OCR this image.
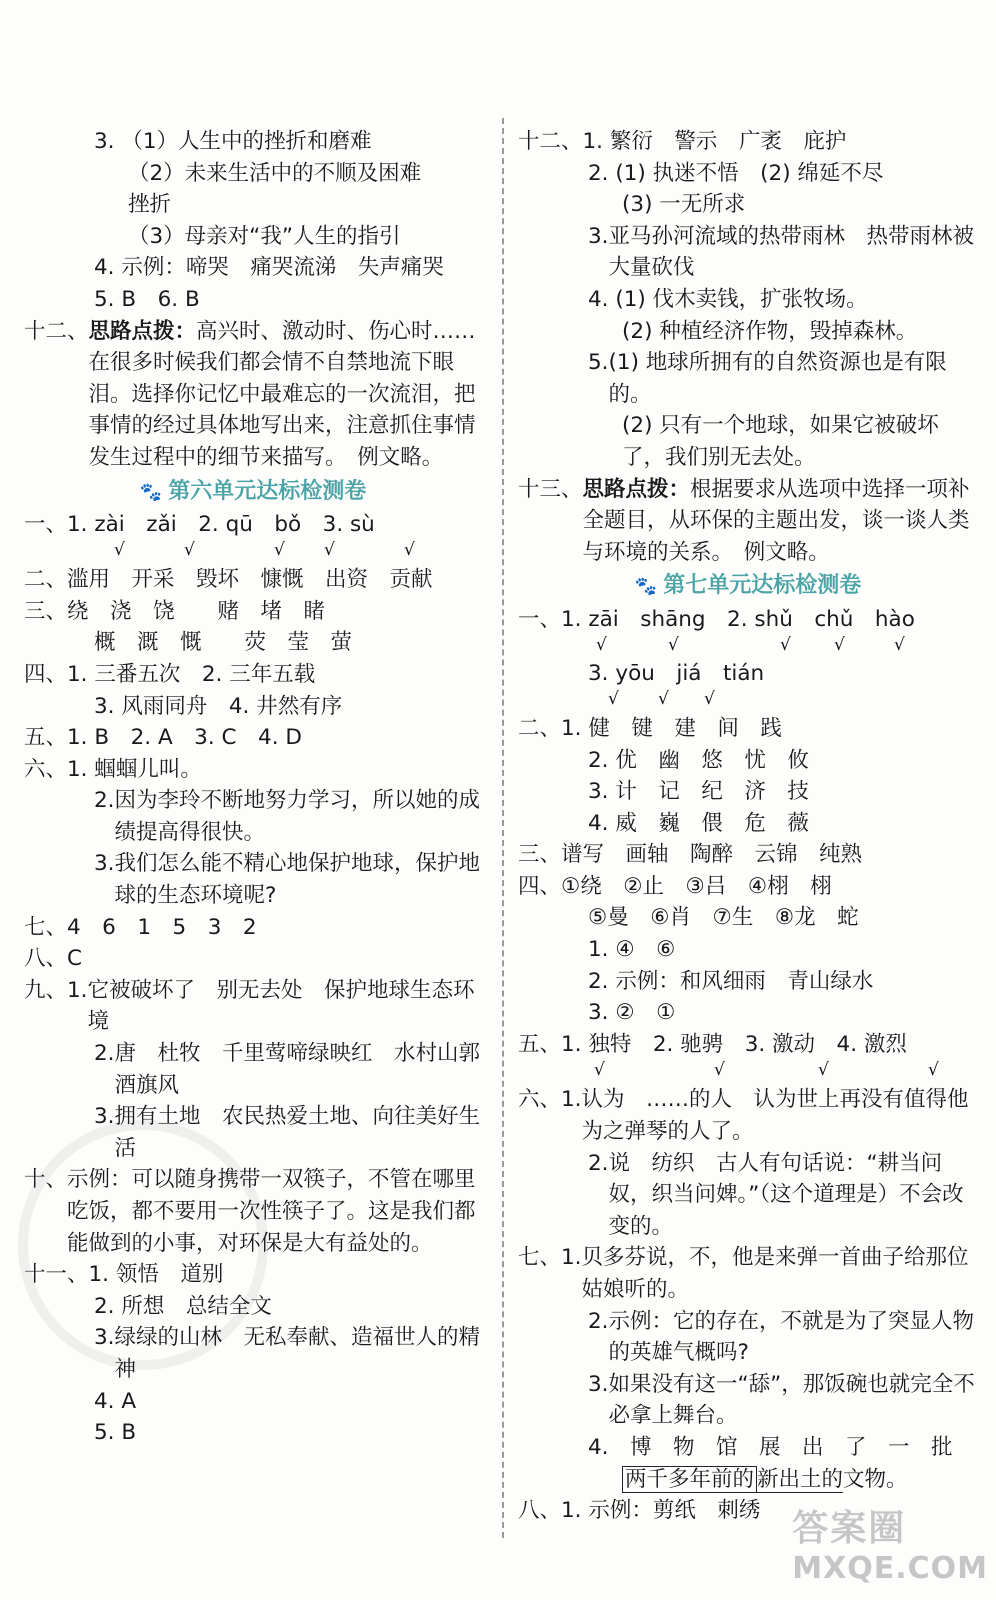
3. （1）人生中的挫折和磨难
（2）未来生活中的不顺及困难
挫折
（3）母亲对“我”人生的指引
4. 示例：啼哭　痛哭流涕　失声痛哭
5. B　6. B
十二、 思路点拨：高兴时、激动时、伤心时……在很多时候我们都会情不自禁地流下眼泪。选择你记忆中最难忘的一次流泪，把事情的经过具体地写出来，注意抓住事情发生过程中的细节来描写。　例文略。
🐾 第六单元达标检测卷
一、1. zài　zǎi　2. qū　bǒ　3. sù
√	√	√ √	√
二、滥用　开采　毁坏　慷慨　出资　贡献
三、绕　浇　饶　　赌　堵　睹
概　溉　慨　　荧　莹　萤
四、1. 三番五次　2. 三年五载
3. 风雨同舟　4. 井然有序
五、1. B　2. A　3. C　4. D
六、1. 蝈蝈儿叫。
2. 因为李玲不断地努力学习，所以她的成绩提高得很快。
3. 我们怎么能不精心地保护地球，保护地球的生态环境呢?
七、4　6　1　5　3　2
八、C
九、1. 它被破坏了　别无去处　保护地球生态环境
2. 唐　杜牧　千里莺啼绿映红　水村山郭酒旗风
3. 拥有土地　农民热爱土地、向往美好生活
十、 示例：可以随身携带一双筷子，不管在哪里吃饭，都不要用一次性筷子了。这是我们都能做到的小事，对环保是大有益处的。
十一、1. 领悟　道别
2. 所想　总结全文
3. 绿绿的山林　无私奉献、造福世人的精神
4. A
5. B
十二、1. 繁衍　警示　广袤　庇护
2. (1) 执迷不悟　(2) 绵延不尽
(3) 一无所求
3. 亚马孙河流域的热带雨林　热带雨林被大量砍伐
4. (1) 伐木卖钱，扩张牧场。
(2) 种植经济作物，毁掉森林。
5. (1) 地球所拥有的自然资源也是有限的。
(2) 只有一个地球，如果它被破坏了，我们别无去处。
十三、 思路点拨：根据要求从选项中选择一项补全题目，从环保的主题出发，谈一谈人类与环境的关系。　例文略。
🐾 第七单元达标检测卷
一、1. zāi　shāng　2. shǔ　chǔ　hào
√	√	√	√	√
3. yōu　jiá　tián
√ √ √
二、1. 健　键　建　间　践
2. 优　幽　悠　忧　攸
3. 计　记　纪　济　技
4. 威　巍　偎　危　薇
三、谱写　画轴　陶醉　云锦　纯熟
四、①绕　②止　③吕　④栩　栩
⑤曼　⑥肖　⑦生　⑧龙　蛇
1. ④　⑥
2. 示例：和风细雨　青山绿水
3. ②　①
五、1. 独特　2. 驰骋　3. 激动　4. 激烈
√	√	√	√
六、1. 认为　……的人　认为世上再没有值得他为之弹琴的人了。
2. 说　纺织　古人有句话说：“耕当问奴，织当问婢。”（这个道理是）不会改变的。
七、1. 贝多芬说，不，他是来弹一首曲子给那位姑娘听的。
2. 示例：它的存在，不就是为了突显人物的英雄气概吗?
3. 如果没有这一“舔”，那饭碗也就完全不必拿上舞台。
4.　博　物　馆　展　出　了　一　批
两千多年前的 新出土的文物。
八、1. 示例：剪纸　刺绣 答案圈
MXQE.COM
